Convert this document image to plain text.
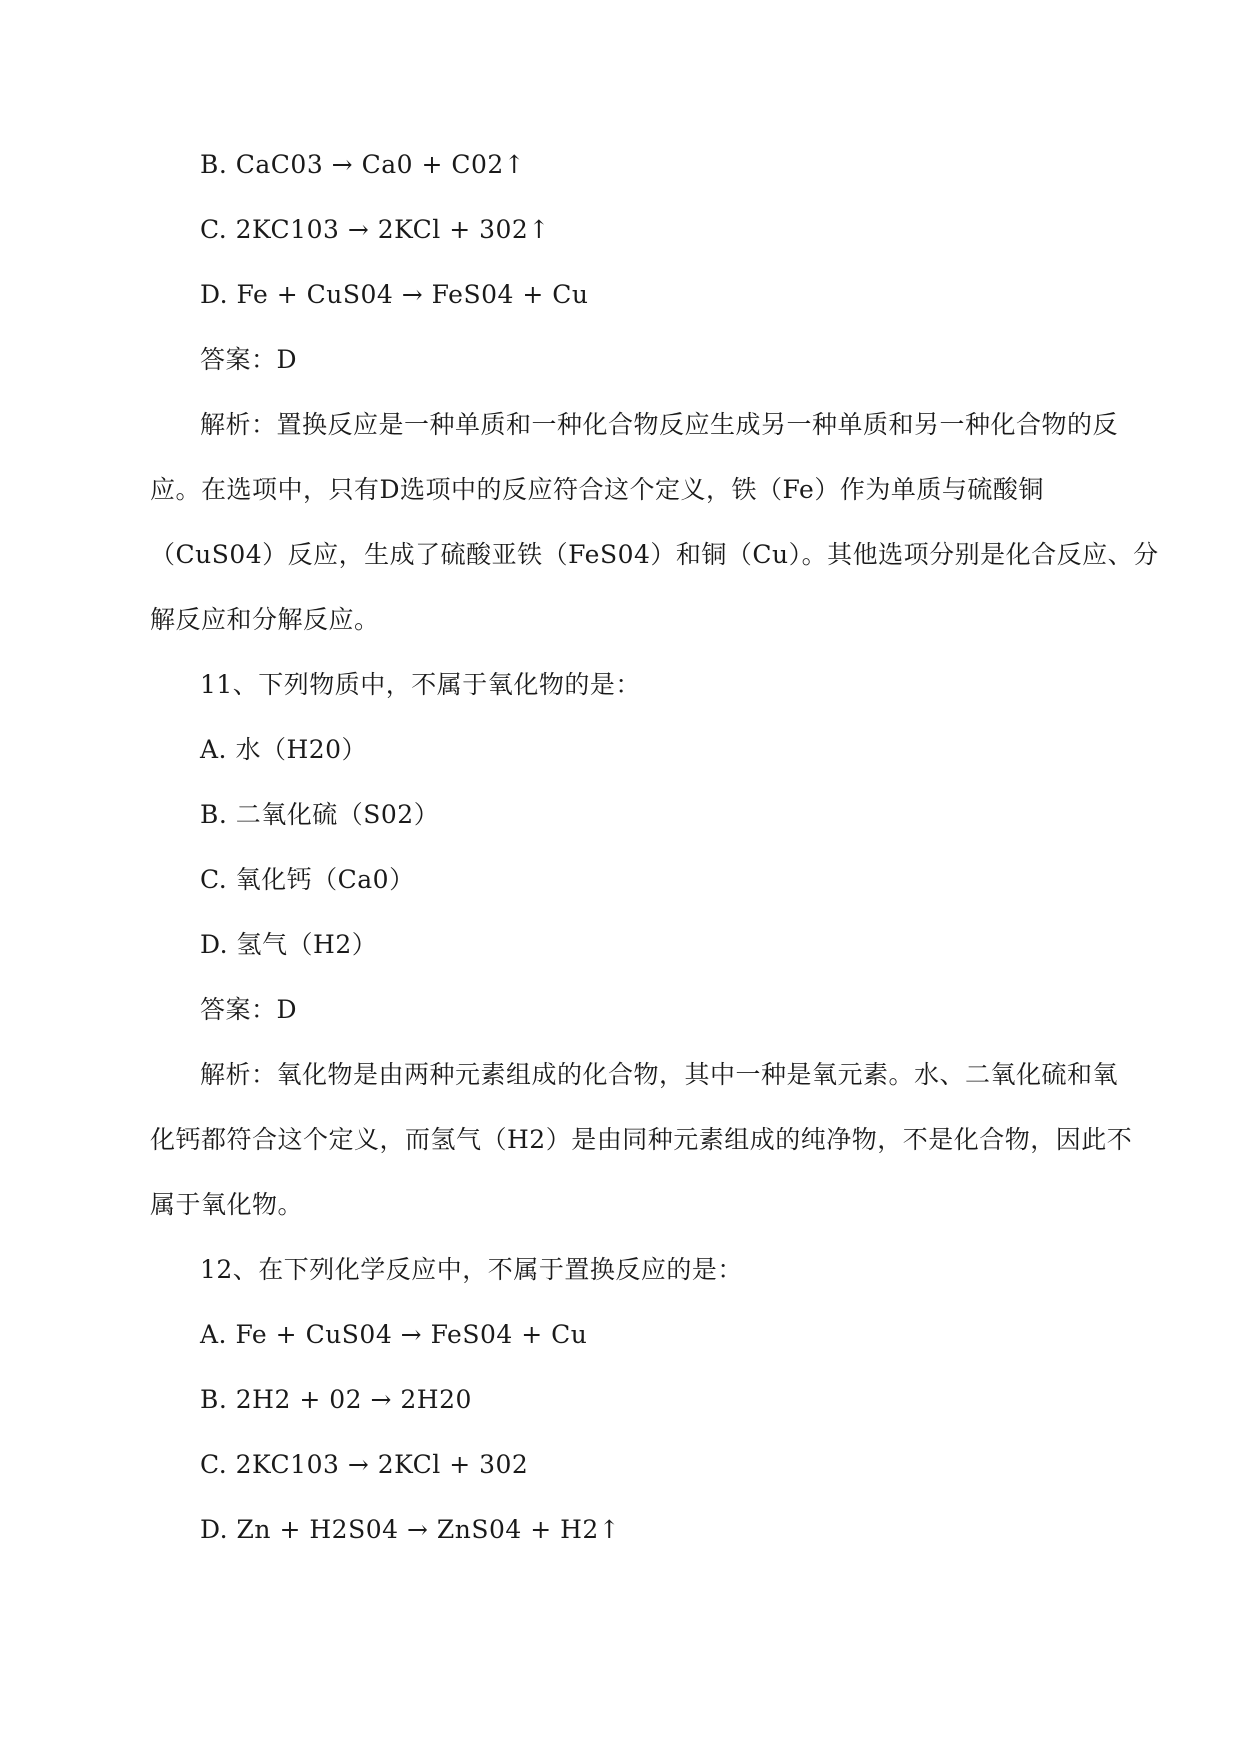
B. CaC03 → Ca0 + C02↑

C. 2KC103 → 2KCl + 302↑

D. Fe + CuS04 → FeS04 + Cu

答案：D

解析：置换反应是一种单质和一种化合物反应生成另一种单质和另一种化合物的反

应。在选项中，只有D选项中的反应符合这个定义，铁（Fe）作为单质与硫酸铜

（CuS04）反应，生成了硫酸亚铁（FeS04）和铜（Cu）。其他选项分别是化合反应、分

解反应和分解反应。

11、下列物质中，不属于氧化物的是：

A. 水（H20）

B. 二氧化硫（S02）

C. 氧化钙（Ca0）

D. 氢气（H2）

答案：D

解析：氧化物是由两种元素组成的化合物，其中一种是氧元素。水、二氧化硫和氧

化钙都符合这个定义，而氢气（H2）是由同种元素组成的纯净物，不是化合物，因此不

属于氧化物。

12、在下列化学反应中，不属于置换反应的是：

A. Fe + CuS04 → FeS04 + Cu

B. 2H2 + 02 → 2H20

C. 2KC103 → 2KCl + 302

D. Zn + H2S04 → ZnS04 + H2↑
